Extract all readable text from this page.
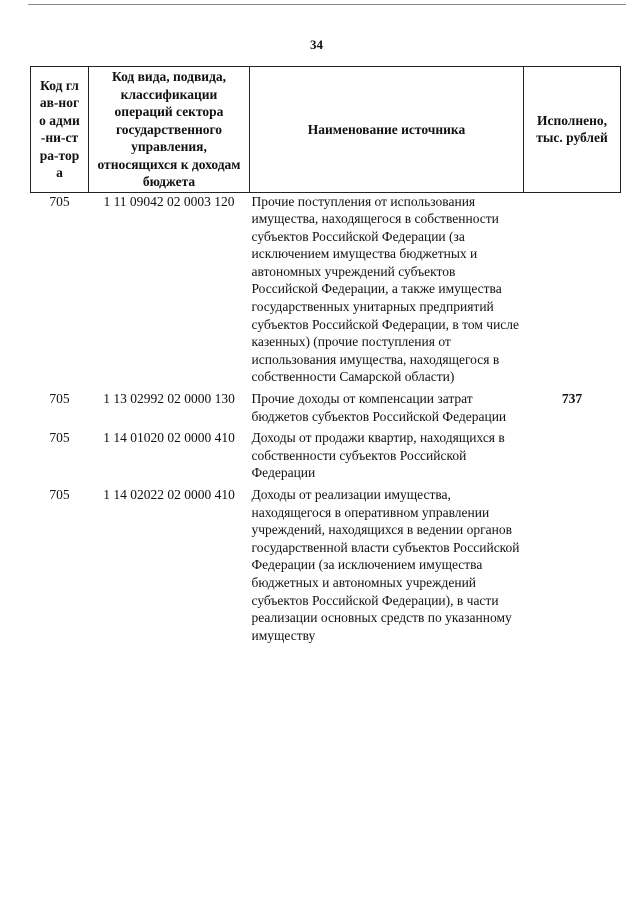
34
Код глав-ного адми-ни-стра-тора	Код вида, подвида, классификации операций сектора государственного управления, относящихся к доходам бюджета	Наименование источника	Исполнено, тыс. рублей

705	1 11 09042 02 0003 120	Прочие поступления от использования имущества, находящегося в собственности субъектов Российской Федерации (за исключением имущества бюджетных и автономных учреждений субъектов Российской Федерации, а также имущества государственных унитарных предприятий субъектов Российской Федерации, в том числе казенных) (прочие поступления от использования имущества, находящегося в собственности Самарской области)	
705	1 13 02992 02 0000 130	Прочие доходы от компенсации затрат бюджетов субъектов Российской Федерации	737
705	1 14 01020 02 0000 410	Доходы от продажи квартир, находящихся в собственности субъектов Российской Федерации	
705	1 14 02022 02 0000 410	Доходы от реализации имущества, находящегося в оперативном управлении учреждений, находящихся в ведении органов государственной власти субъектов Российской Федерации (за исключением имущества бюджетных и автономных учреждений субъектов Российской Федерации), в части реализации основных средств по указанному имуществу	
